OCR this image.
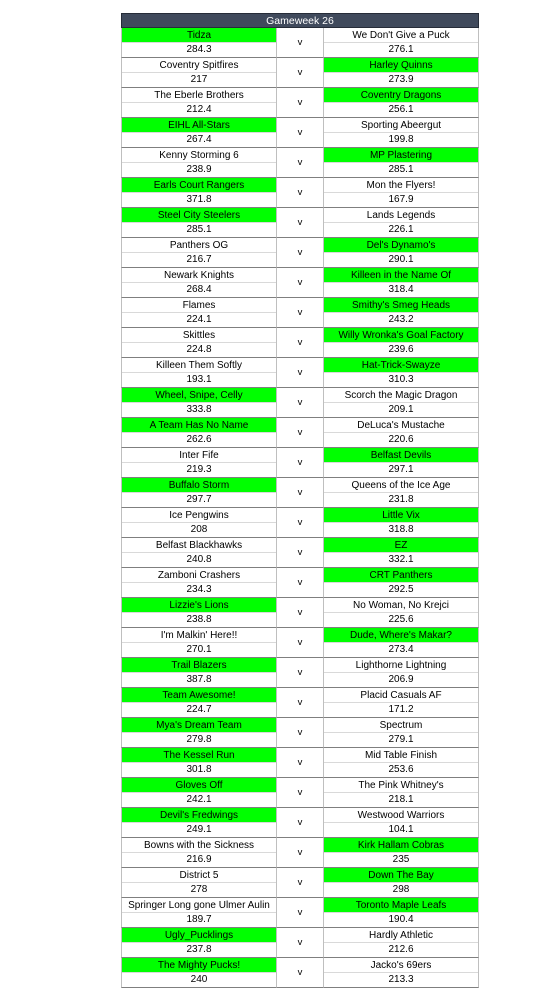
Gameweek 26
Tidza
284.3
v
We Don't Give a Puck
276.1
Coventry Spitfires
217
v
Harley Quinns
273.9
The Eberle Brothers
212.4
v
Coventry Dragons
256.1
EIHL All-Stars
267.4
v
Sporting Abeergut
199.8
Kenny Storming 6
238.9
v
MP Plastering
285.1
Earls Court Rangers
371.8
v
Mon the Flyers!
167.9
Steel City Steelers
285.1
v
Lands Legends
226.1
Panthers OG
216.7
v
Del's Dynamo's
290.1
Newark Knights
268.4
v
Killeen in the Name Of
318.4
Flames
224.1
v
Smithy's Smeg Heads
243.2
Skittles
224.8
v
Willy Wronka's Goal Factory
239.6
Killeen Them Softly
193.1
v
Hat-Trick-Swayze
310.3
Wheel, Snipe, Celly
333.8
v
Scorch the Magic Dragon
209.1
A Team Has No Name
262.6
v
DeLuca's Mustache
220.6
Inter Fife
219.3
v
Belfast Devils
297.1
Buffalo Storm
297.7
v
Queens of the Ice Age
231.8
Ice Pengwins
208
v
Little Vix
318.8
Belfast Blackhawks
240.8
v
EZ
332.1
Zamboni Crashers
234.3
v
CRT Panthers
292.5
Lizzie's Lions
238.8
v
No Woman, No Krejci
225.6
I'm Malkin' Here!!
270.1
v
Dude, Where's Makar?
273.4
Trail Blazers
387.8
v
Lighthorne Lightning
206.9
Team Awesome!
224.7
v
Placid Casuals AF
171.2
Mya's Dream Team
279.8
v
Spectrum
279.1
The Kessel Run
301.8
v
Mid Table Finish
253.6
Gloves Off
242.1
v
The Pink Whitney's
218.1
Devil's Fredwings
249.1
v
Westwood Warriors
104.1
Bowns with the Sickness
216.9
v
Kirk Hallam Cobras
235
District 5
278
v
Down The Bay
298
Springer Long gone Ulmer Aulin
189.7
v
Toronto Maple Leafs
190.4
Ugly_Pucklings
237.8
v
Hardly Athletic
212.6
The Mighty Pucks!
240
v
Jacko's 69ers
213.3
